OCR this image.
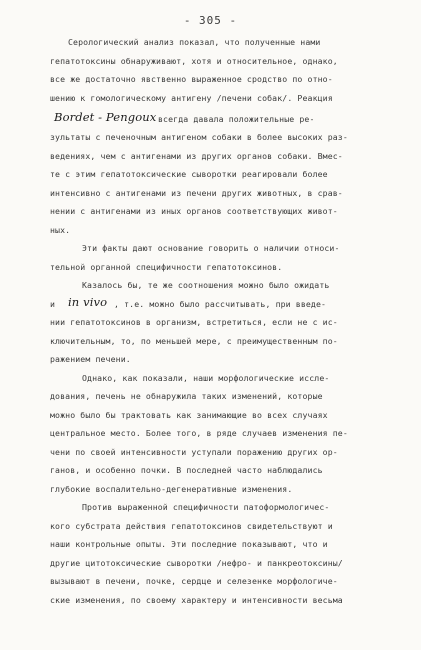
- 305 -
Серологический анализ показал, что полученные нами
гепатотоксины обнаруживают, хотя и относительное, однако,
все же достаточно явственно выраженное сродство по отно-
шению к гомологическому антигену /печени собак/. Реакция
Bordet - Pengoux всегда давала положительные ре-
зультаты с печеночным антигеном собаки в более высоких раз-
ведениях, чем с антигенами из других органов собаки. Вмес-
те с этим гепатотоксические сыворотки реагировали более
интенсивно с антигенами из печени других животных, в срав-
нении с антигенами из иных органов соответствующих живот-
ных.
Эти факты дают основание говорить о наличии относи-
тельной органной специфичности гепатотоксинов.
Казалось бы, те же соотношения можно было ожидать
и in vivo , т.е. можно было рассчитывать, при введе-
нии гепатотоксинов в организм, встретиться, если не с ис-
ключительным, то, по меньшей мере, с преимущественным по-
ражением печени.
Однако, как показали, наши морфологические иссле-
дования, печень не обнаружила таких изменений, которые
можно было бы трактовать как занимающие во всех случаях
центральное место. Более того, в ряде случаев изменения пе-
чени по своей интенсивности уступали поражению других ор-
ганов, и особенно почки. В последней часто наблюдались
глубокие воспалительно-дегенеративные изменения.
Против выраженной специфичности патоформологичес-
кого субстрата действия гепатотоксинов свидетельствуют и
наши контрольные опыты. Эти последние показывают, что и
другие цитотоксические сыворотки /нефро- и панкреотоксины/
вызывают в печени, почке, сердце и селезенке морфологиче-
ские изменения, по своему характеру и интенсивности весьма
